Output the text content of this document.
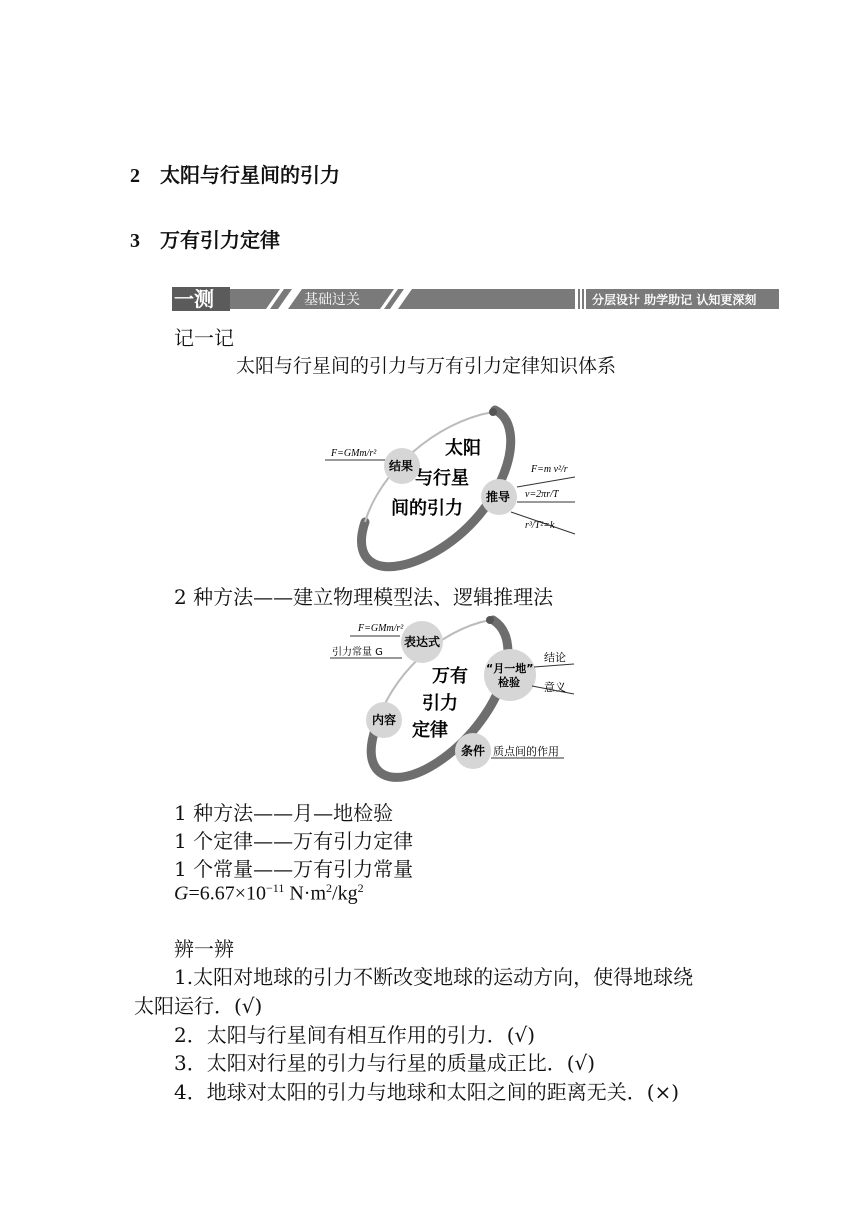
2 太阳与行星间的引力
3 万有引力定律
一测	基础过关	分层设计 助学助记 认知更深刻
记一记
太阳与行星间的引力与万有引力定律知识体系
F=GMm/r²
结果
太阳
与行星
间的引力
推导
F=m v²/r
v=2πr/T
r³/T²=k
2 种方法——建立物理模型法、逻辑推理法
F=GMm/r²
引力常量 G
表达式
万有
引力
定律
“月一地”
检验
结论
意义
内容
条件 质点间的作用
1 种方法——月—地检验
1 个定律——万有引力定律
1 个常量——万有引力常量
$G=6.67\times 10^{-11}$ $N\cdot m^2/kg^2$
辨一辨
1.太阳对地球的引力不断改变地球的运动方向，使得地球绕
太阳运行．(√)
2．太阳与行星间有相互作用的引力．(√)
3．太阳对行星的引力与行星的质量成正比．(√)
4．地球对太阳的引力与地球和太阳之间的距离无关．(×)
